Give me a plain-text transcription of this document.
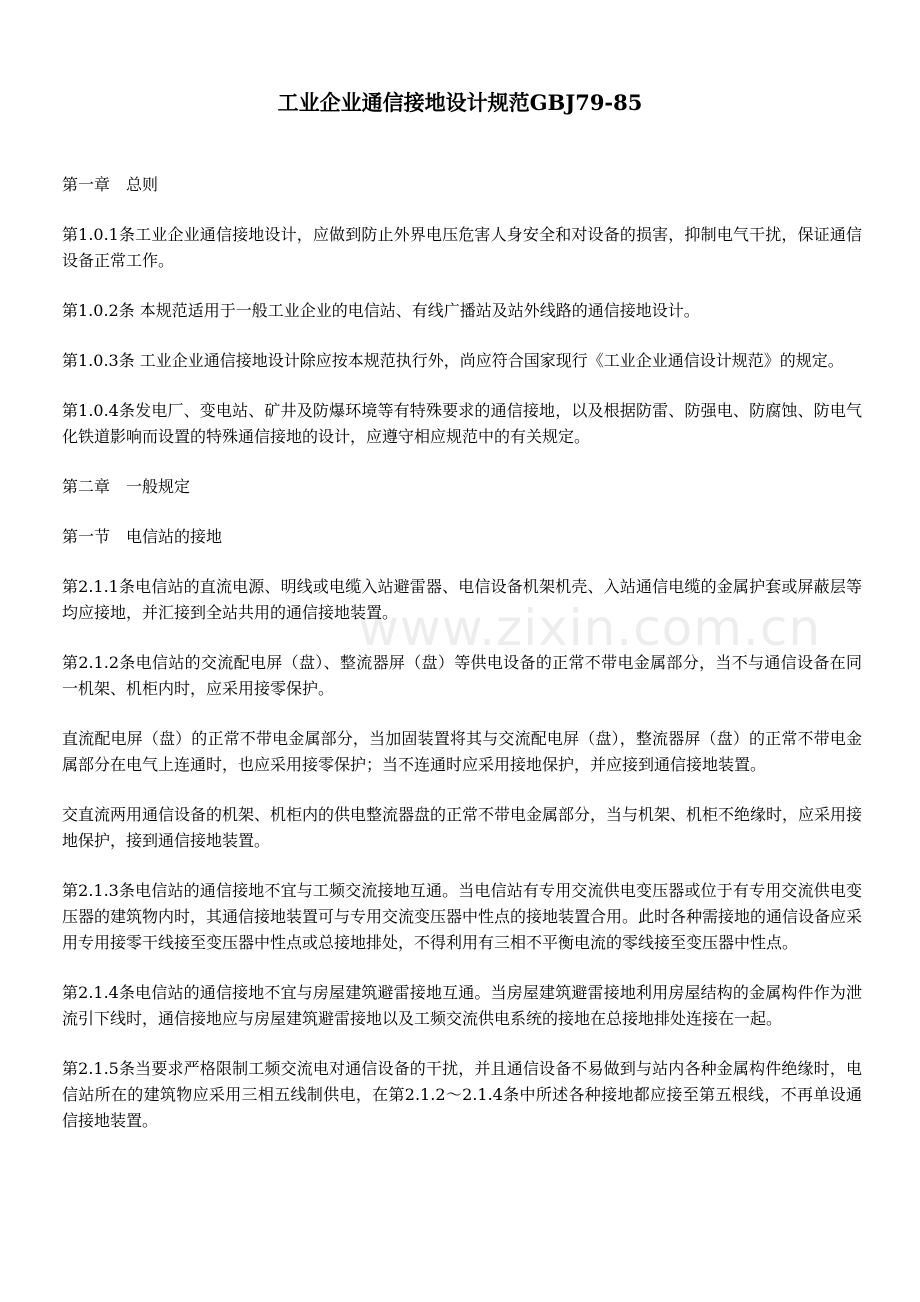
工业企业通信接地设计规范GBJ79-85

第一章　总则

第1.0.1条工业企业通信接地设计，应做到防止外界电压危害人身安全和对设备的损害，抑制电气干扰，保证通信设备正常工作。

第1.0.2条 本规范适用于一般工业企业的电信站、有线广播站及站外线路的通信接地设计。

第1.0.3条 工业企业通信接地设计除应按本规范执行外，尚应符合国家现行《工业企业通信设计规范》的规定。

第1.0.4条发电厂、变电站、矿井及防爆环境等有特殊要求的通信接地，以及根据防雷、防强电、防腐蚀、防电气化铁道影响而设置的特殊通信接地的设计，应遵守相应规范中的有关规定。

第二章　一般规定

第一节　电信站的接地

第2.1.1条电信站的直流电源、明线或电缆入站避雷器、电信设备机架机壳、入站通信电缆的金属护套或屏蔽层等均应接地，并汇接到全站共用的通信接地装置。

第2.1.2条电信站的交流配电屏（盘）、整流器屏（盘）等供电设备的正常不带电金属部分，当不与通信设备在同一机架、机柜内时，应采用接零保护。

直流配电屏（盘）的正常不带电金属部分，当加固装置将其与交流配电屏（盘），整流器屏（盘）的正常不带电金属部分在电气上连通时，也应采用接零保护；当不连通时应采用接地保护，并应接到通信接地装置。

交直流两用通信设备的机架、机柜内的供电整流器盘的正常不带电金属部分，当与机架、机柜不绝缘时，应采用接地保护，接到通信接地装置。

第2.1.3条电信站的通信接地不宜与工频交流接地互通。当电信站有专用交流供电变压器或位于有专用交流供电变压器的建筑物内时，其通信接地装置可与专用交流变压器中性点的接地装置合用。此时各种需接地的通信设备应采用专用接零干线接至变压器中性点或总接地排处，不得利用有三相不平衡电流的零线接至变压器中性点。

第2.1.4条电信站的通信接地不宜与房屋建筑避雷接地互通。当房屋建筑避雷接地利用房屋结构的金属构件作为泄流引下线时，通信接地应与房屋建筑避雷接地以及工频交流供电系统的接地在总接地排处连接在一起。

第2.1.5条当要求严格限制工频交流电对通信设备的干扰，并且通信设备不易做到与站内各种金属构件绝缘时，电信站所在的建筑物应采用三相五线制供电，在第2.1.2～2.1.4条中所述各种接地都应接至第五根线，不再单设通信接地装置。

www.zixin.com.cn
